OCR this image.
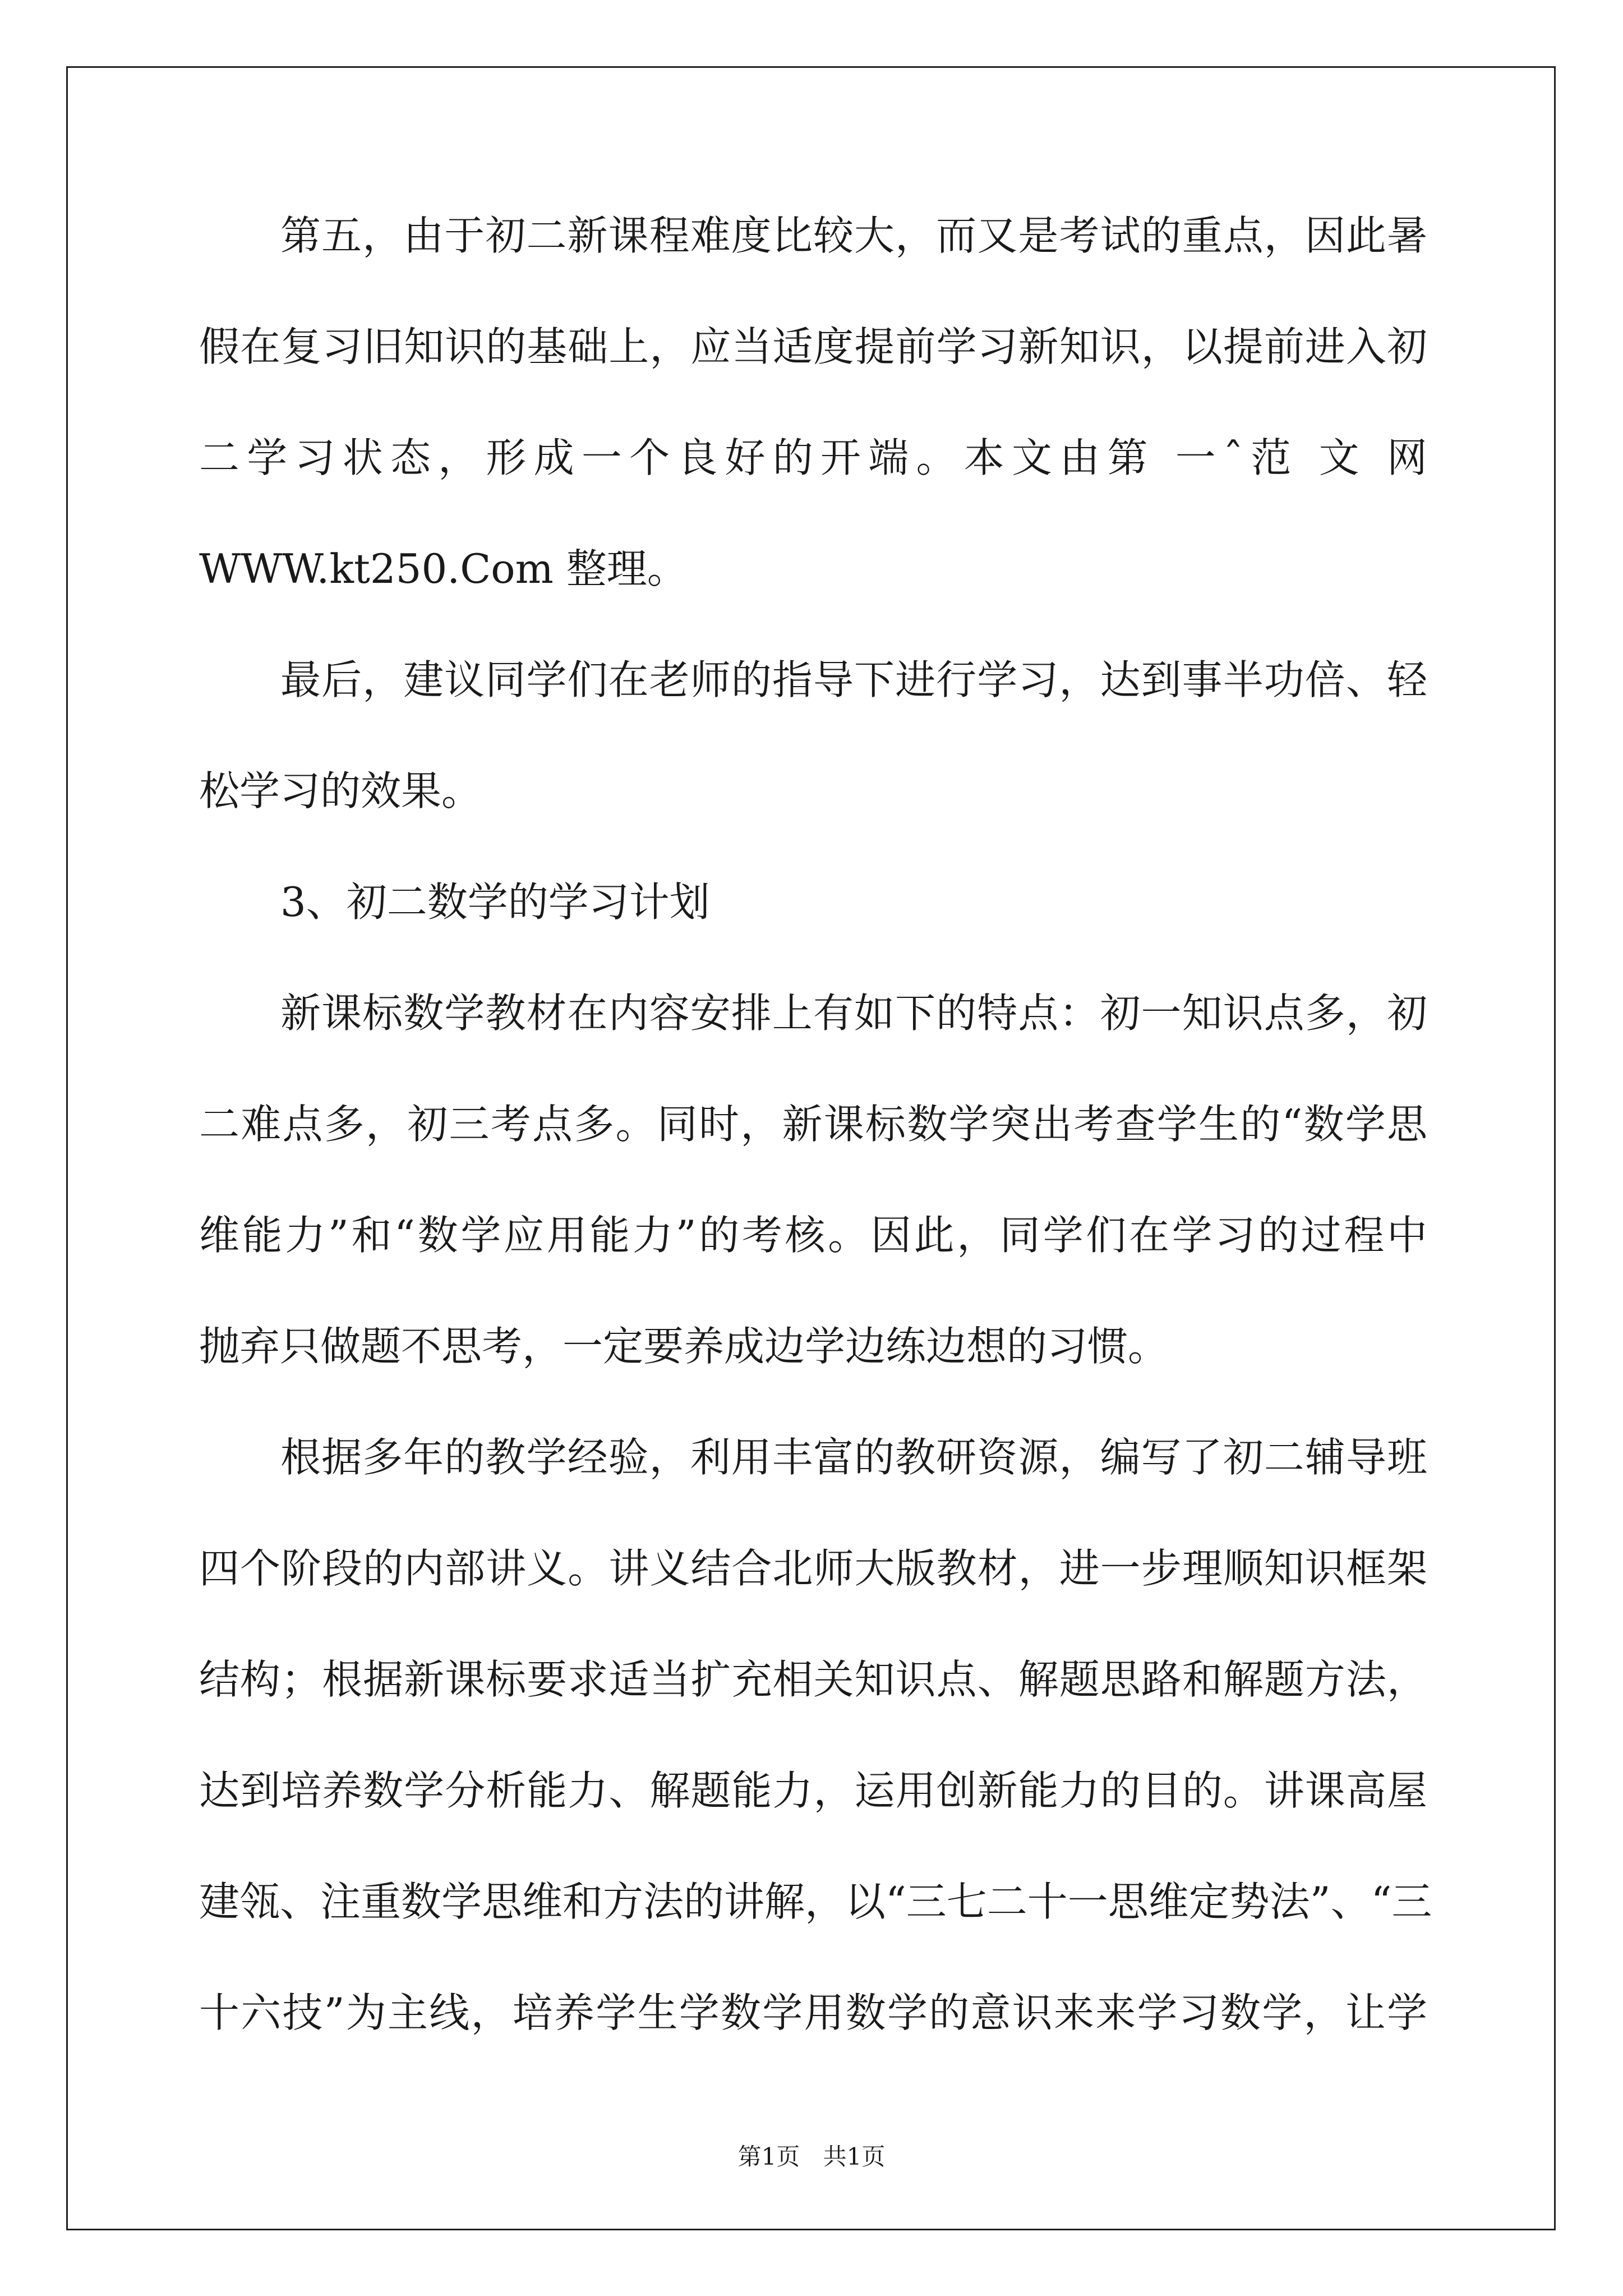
第五，由于初二新课程难度比较大，而又是考试的重点，因此暑
假在复习旧知识的基础上，应当适度提前学习新知识，以提前进入初
二学习状态，形成一个良好的开端。本文由第 一ˆ范 文 网
WWW.kt250.Com 整理。
最后，建议同学们在老师的指导下进行学习，达到事半功倍、轻
松学习的效果。
3、初二数学的学习计划
新课标数学教材在内容安排上有如下的特点：初一知识点多，初
二难点多，初三考点多。同时，新课标数学突出考查学生的“数学思
维能力”和“数学应用能力”的考核。因此，同学们在学习的过程中
抛弃只做题不思考，一定要养成边学边练边想的习惯。
根据多年的教学经验，利用丰富的教研资源，编写了初二辅导班
四个阶段的内部讲义。讲义结合北师大版教材，进一步理顺知识框架
结构；根据新课标要求适当扩充相关知识点、解题思路和解题方法，
达到培养数学分析能力、解题能力，运用创新能力的目的。讲课高屋
建瓴、注重数学思维和方法的讲解，以“三七二十一思维定势法”、“三
十六技”为主线，培养学生学数学用数学的意识来来学习数学，让学
第1页 共1页
